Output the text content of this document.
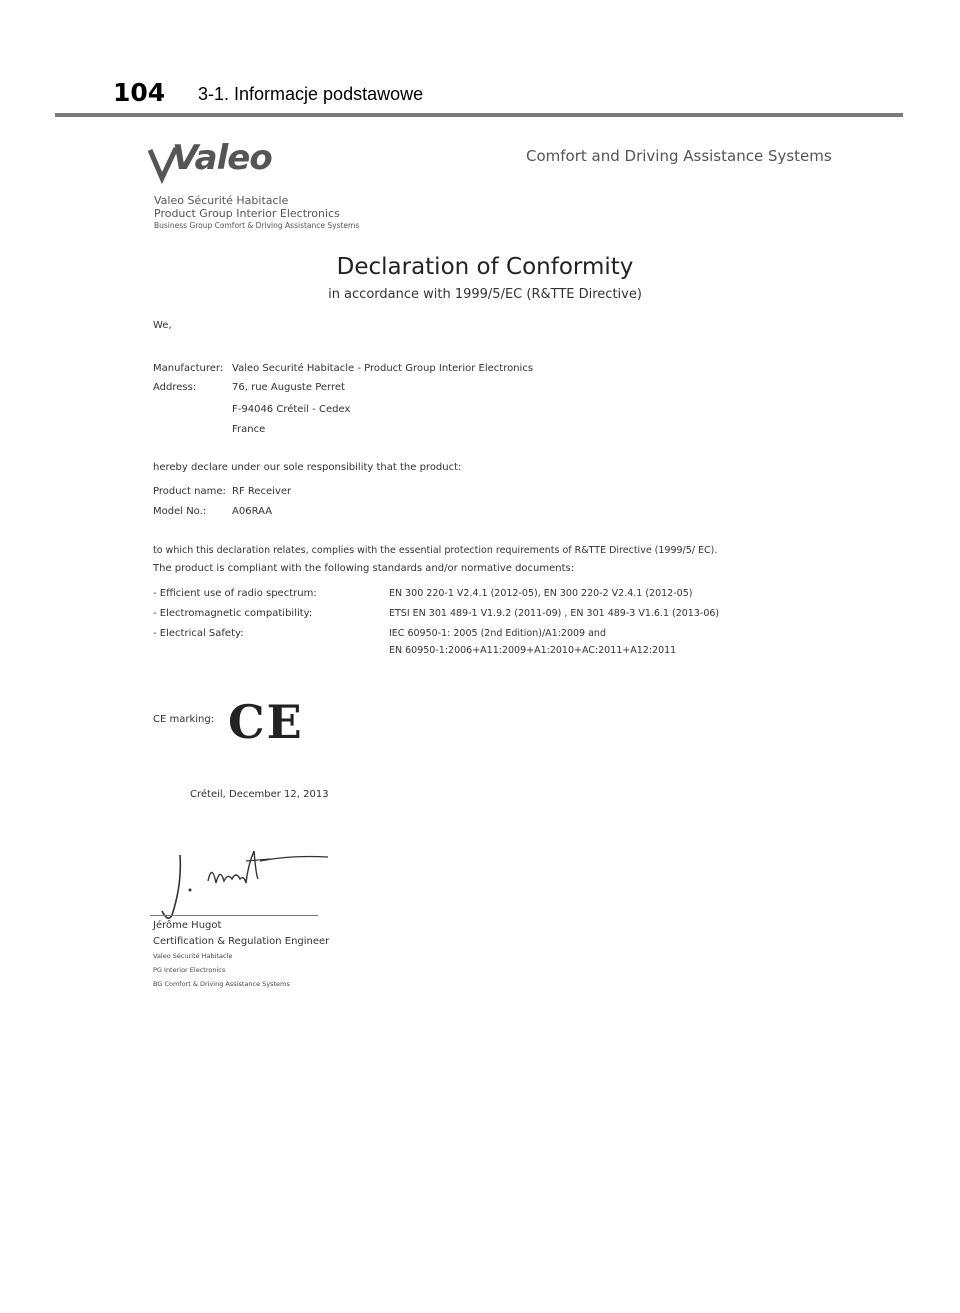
104 3-1. Informacje podstawowe
Valeo	Comfort and Driving Assistance Systems
Valeo Sécurité Habitacle
Product Group Interior Electronics
Business Group Comfort & Driving Assistance Systems
Declaration of Conformity
in accordance with 1999/5/EC (R&TTE Directive)
We,
Manufacturer: Valeo Securité Habitacle - Product Group Interior Electronics
Address:	76, rue Auguste Perret
F-94046 Créteil - Cedex
France
hereby declare under our sole responsibility that the product:
Product name: RF Receiver
Model No.:	A06RAA
to which this declaration relates, complies with the essential protection requirements of R&TTE Directive (1999/5/ EC).
The product is compliant with the following standards and/or normative documents:
- Efficient use of radio spectrum:	EN 300 220-1 V2.4.1 (2012-05), EN 300 220-2 V2.4.1 (2012-05)
- Electromagnetic compatibility:	ETSI EN 301 489-1 V1.9.2 (2011-09) , EN 301 489-3 V1.6.1 (2013-06)
- Electrical Safety:	IEC 60950-1: 2005 (2nd Edition)/A1:2009 and
EN 60950-1:2006+A11:2009+A1:2010+AC:2011+A12:2011
CE marking: CE
Créteil, December 12, 2013
Jérôme Hugot
Certification & Regulation Engineer
Valeo Sécurité Habitacle
PG Interior Electronics
BG Comfort & Driving Assistance Systems
